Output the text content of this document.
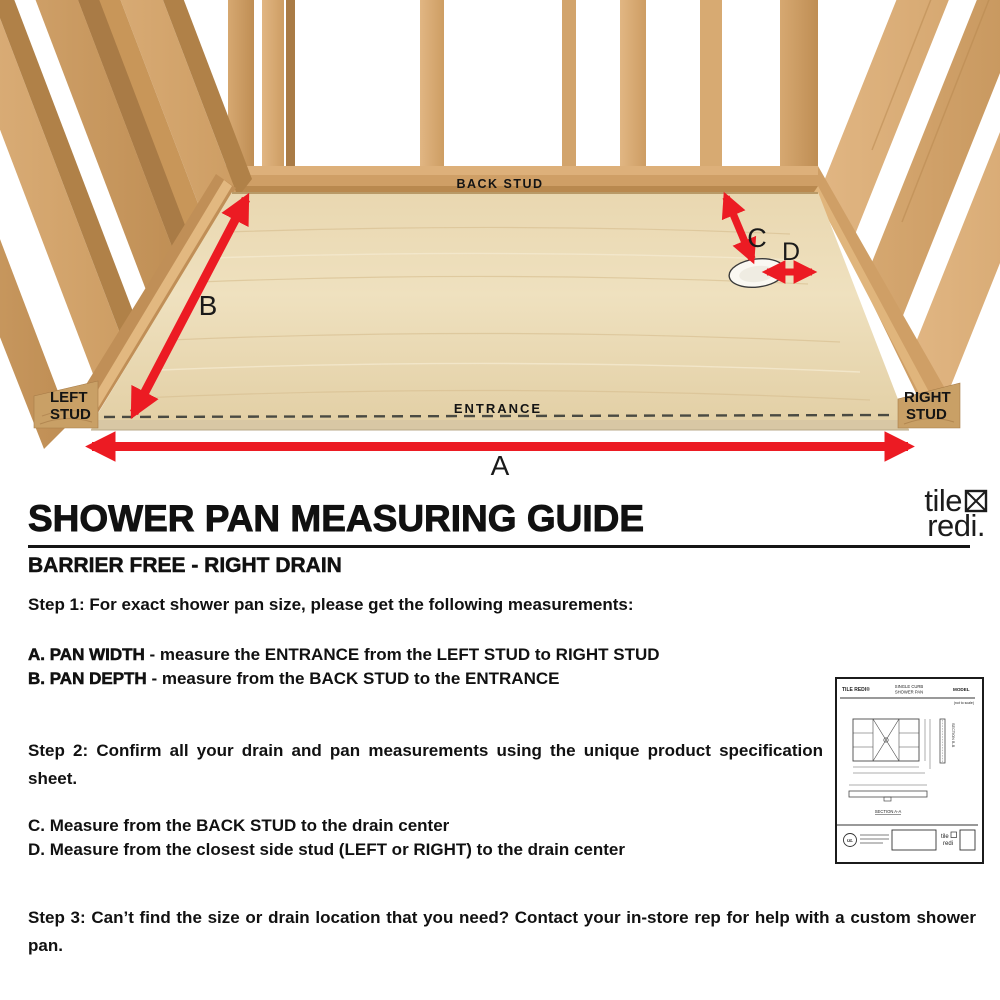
BACK STUD
ENTRANCE
LEFT
STUD
RIGHT
STUD
A
B
C D
tile
redi.
SHOWER PAN MEASURING GUIDE
BARRIER FREE - RIGHT DRAIN
Step 1: For exact shower pan size, please get the following measurements:
A. PAN WIDTH - measure the ENTRANCE from the LEFT STUD to RIGHT STUD
B. PAN DEPTH - measure from the BACK STUD to the ENTRANCE
Step 2: Confirm all your drain and pan measurements using the unique product specification sheet.
C. Measure from the BACK STUD to the drain center
D. Measure from the closest side stud (LEFT or RIGHT) to the drain center
Step 3: Can’t find the size or drain location that you need? Contact your in-store rep for help with a custom shower pan.
TILE REDI®
SINGLE CURB
SHOWER PAN	MODEL
(not to scale)
SECTION B-B
SECTION A-A
UL
tile
redi
